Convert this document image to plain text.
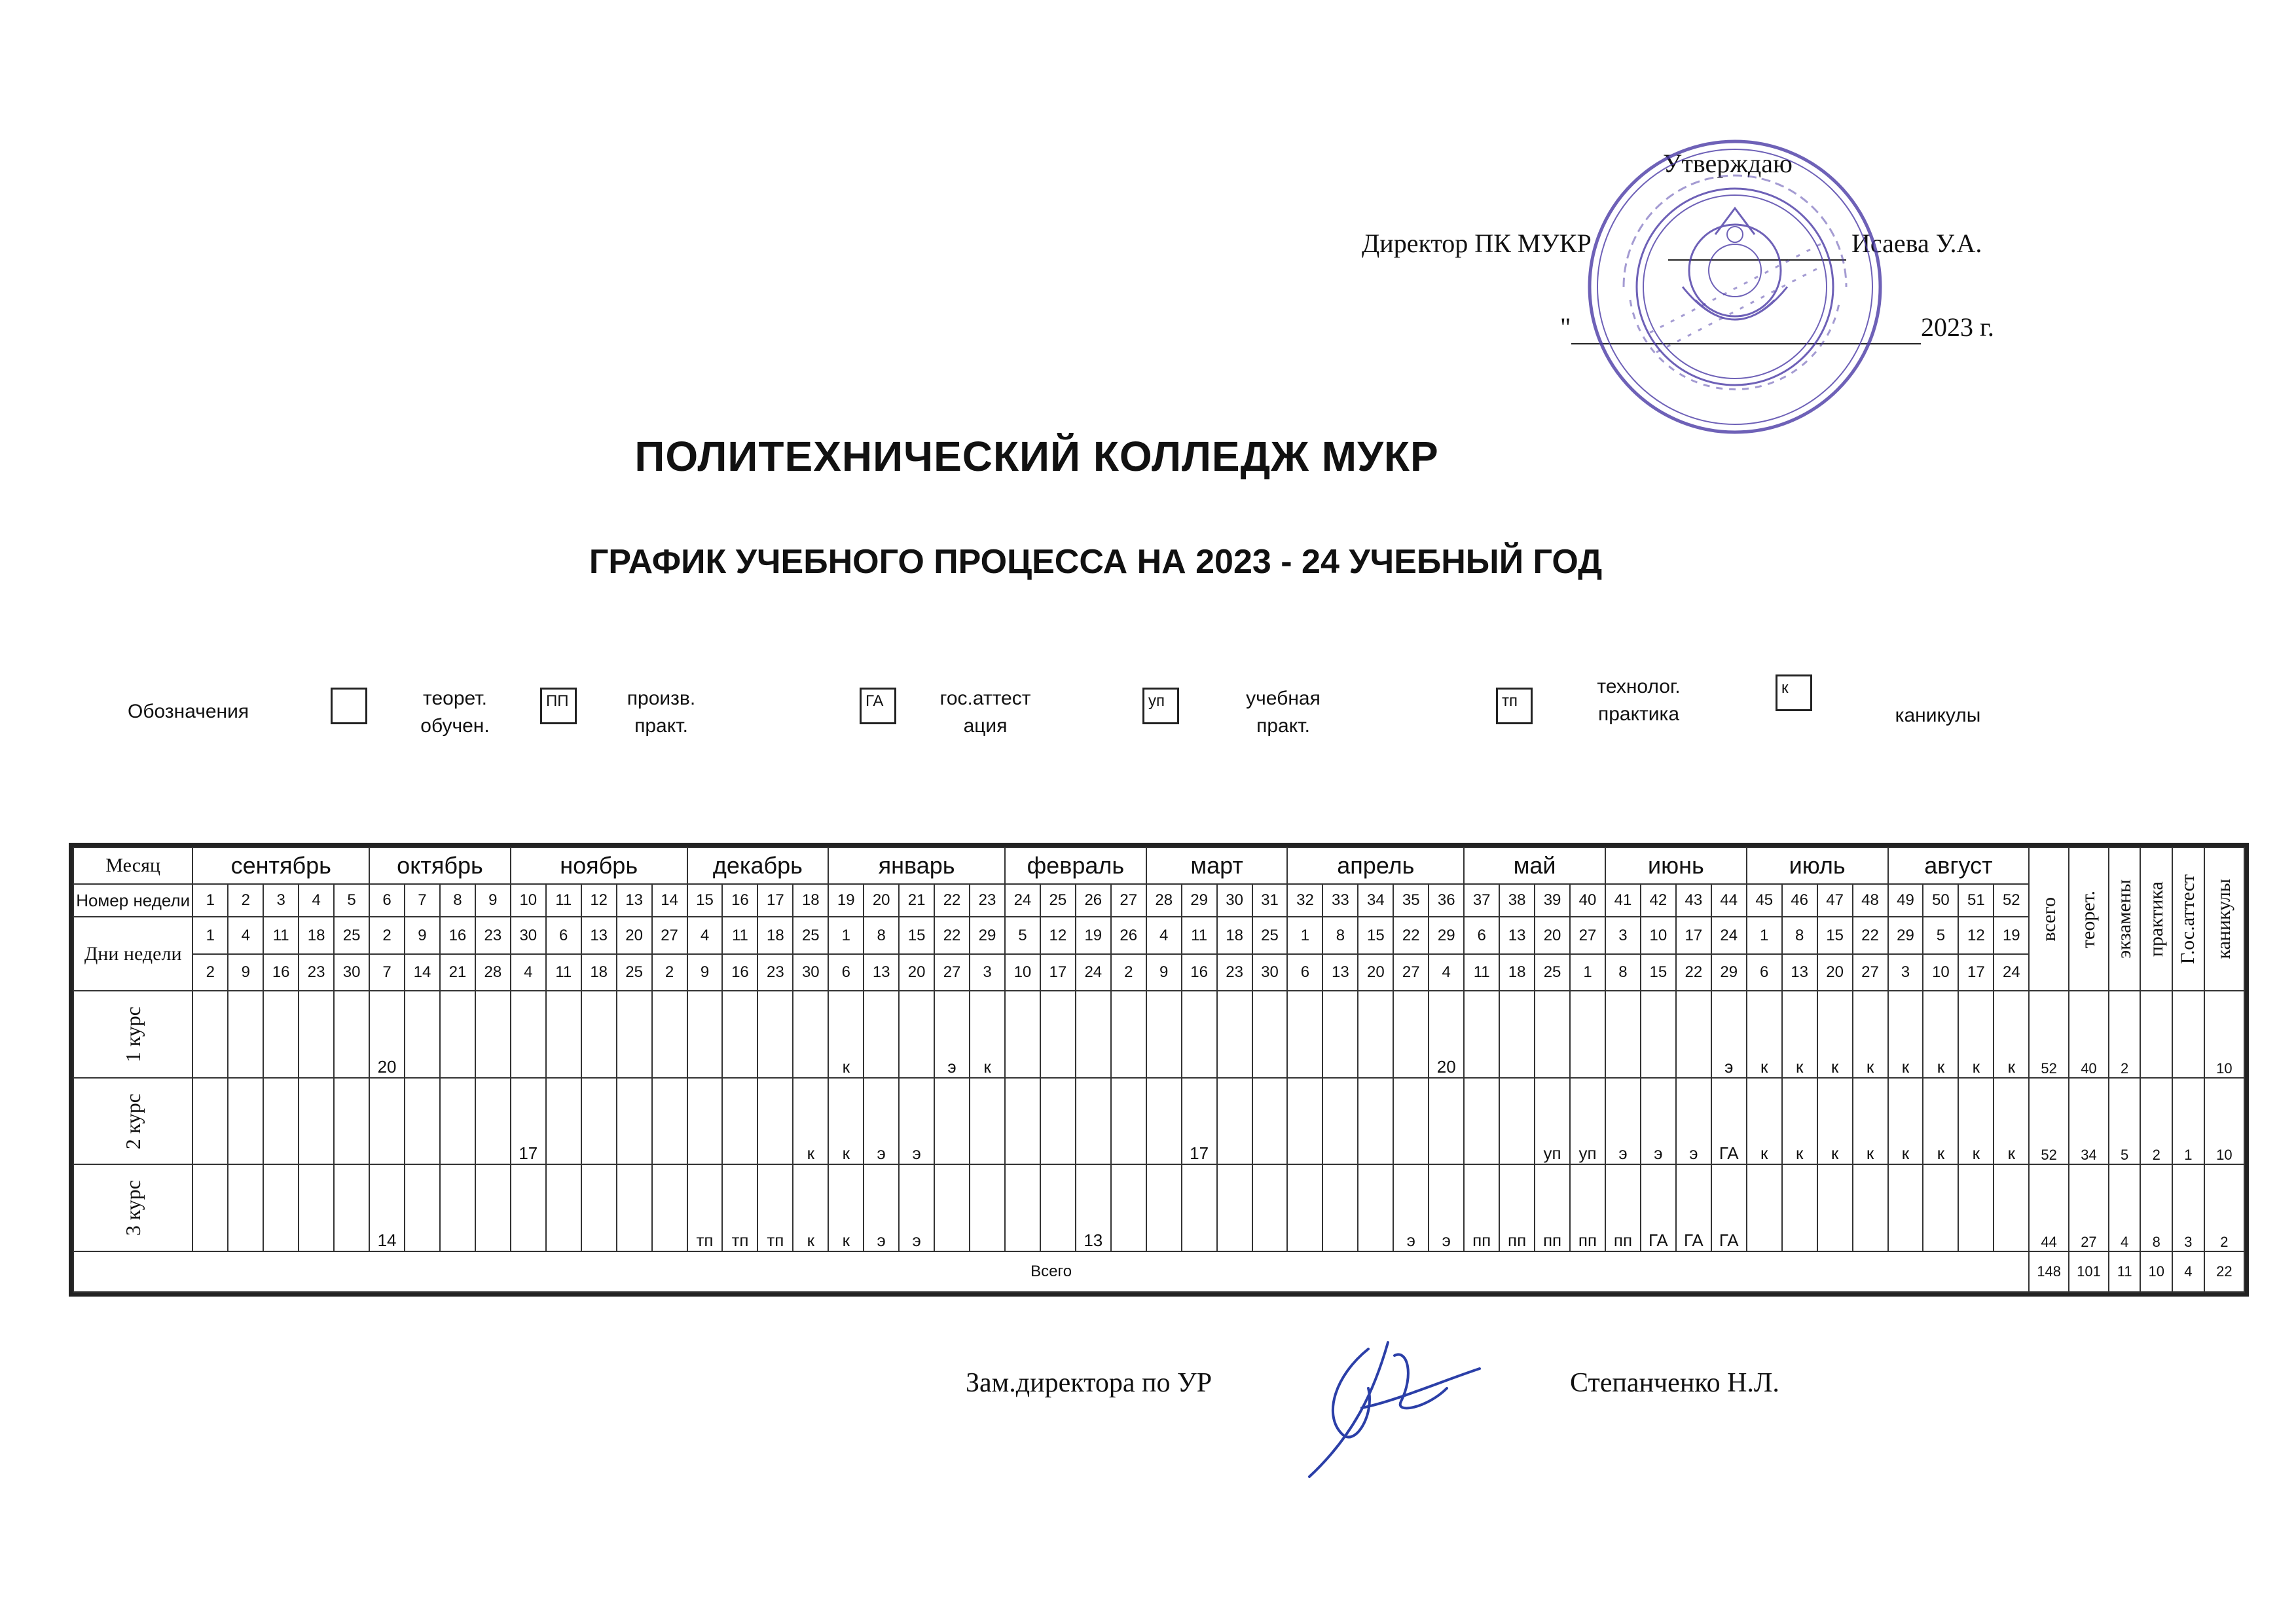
Утверждаю
Директор ПК МУКР	Исаева У.А.
"	2023 г.
ПОЛИТЕХНИЧЕСКИЙ КОЛЛЕДЖ МУКР
ГРАФИК УЧЕБНОГО ПРОЦЕССА НА 2023 - 24 УЧЕБНЫЙ ГОД
Обозначения
теорет.
обучен.
ПП	произв.
практ.
ГА	гос.аттест
ация
уп	учебная
практ.
тп
технолог.
практика
к
каникулы
Месяц	сентябрь					октябрь				ноябрь					декабрь				январь					февраль				март				апрель					май				июнь				июль				август				всего	теорет.	экзамены	практика	Г.ос.аттест	каникулы

Номер недели	1	2	3	4	5	6	7	8	9	10	11	12	13	14	15	16	17	18	19	20	21	22	23	24	25	26	27	28	29	30	31	32	33	34	35	36	37	38	39	40	41	42	43	44	45	46	47	48	49	50	51	52						
Дни недели	1	4	11	18	25	2	9	16	23	30	6	13	20	27	4	11	18	25	1	8	15	22	29	5	12	19	26	4	11	18	25	1	8	15	22	29	6	13	20	27	3	10	17	24	1	8	15	22	29	5	12	19						
	2	9	16	23	30	7	14	21	28	4	11	18	25	2	9	16	23	30	6	13	20	27	3	10	17	24	2	9	16	23	30	6	13	20	27	4	11	18	25	1	8	15	22	29	6	13	20	27	3	10	17	24						

1 курс						20													к			э	к													20								э	к	к	к	к	к	к	к	к	52	40	2			10

2 курс										17								к	к	э	э								17										уп	уп	э	э	э	ГА	к	к	к	к	к	к	к	к	52	34	5	2	1	10

3 курс						14									тп	тп	тп	к	к	э	э					13									э	э	пп	пп	пп	пп	пп	ГА	ГА	ГА									44	27	4	8	3	2
Всего																																																					148	101	11	10	4	22
Зам.директора по УР	Степанченко Н.Л.
